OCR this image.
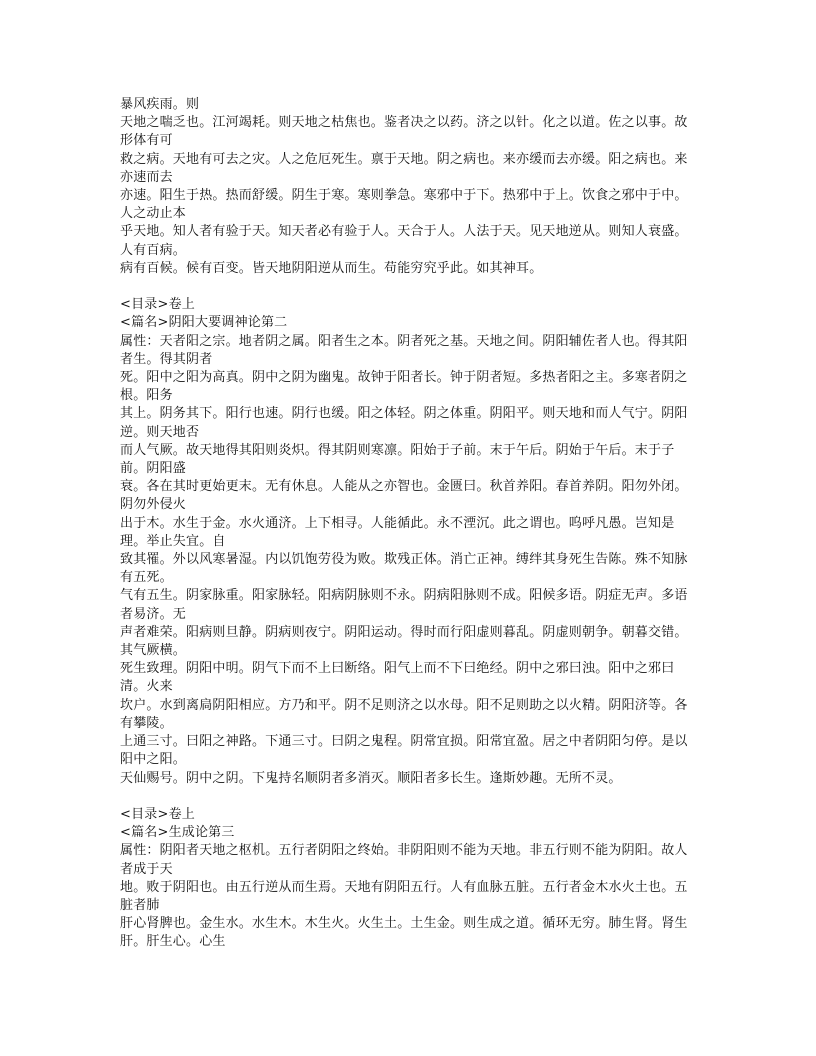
暴风疾雨。则

天地之喘乏也。江河竭耗。则天地之枯焦也。鉴者决之以药。济之以针。化之以道。佐之以事。故形体有可

救之病。天地有可去之灾。人之危厄死生。禀于天地。阴之病也。来亦缓而去亦缓。阳之病也。来亦速而去

亦速。阳生于热。热而舒缓。阴生于寒。寒则拳急。寒邪中于下。热邪中于上。饮食之邪中于中。人之动止本

乎天地。知人者有验于天。知天者必有验于人。天合于人。人法于天。见天地逆从。则知人衰盛。人有百病。

病有百候。候有百变。皆天地阴阳逆从而生。苟能穷究乎此。如其神耳。

<目录>卷上

<篇名>阴阳大要调神论第二

属性：天者阳之宗。地者阴之属。阳者生之本。阴者死之基。天地之间。阴阳辅佐者人也。得其阳者生。得其阴者

死。阳中之阳为高真。阴中之阴为幽鬼。故钟于阳者长。钟于阴者短。多热者阳之主。多寒者阴之根。阳务

其上。阴务其下。阳行也速。阴行也缓。阳之体轻。阴之体重。阴阳平。则天地和而人气宁。阴阳逆。则天地否

而人气厥。故天地得其阳则炎炽。得其阴则寒凛。阳始于子前。末于午后。阴始于午后。末于子前。阴阳盛

衰。各在其时更始更末。无有休息。人能从之亦智也。金匮曰。秋首养阳。春首养阴。阳勿外闭。阴勿外侵火

出于木。水生于金。水火通济。上下相寻。人能循此。永不湮沉。此之谓也。呜呼凡愚。岂知是理。举止失宜。自

致其罹。外以风寒暑湿。内以饥饱劳役为败。欺残正体。消亡正神。缚绊其身死生告陈。殊不知脉有五死。

气有五生。阴家脉重。阳家脉轻。阳病阴脉则不永。阴病阳脉则不成。阳候多语。阴症无声。多语者易济。无

声者难荣。阳病则旦静。阴病则夜宁。阴阳运动。得时而行阳虚则暮乱。阴虚则朝争。朝暮交错。其气厥横。

死生致理。阴阳中明。阴气下而不上曰断络。阳气上而不下曰绝经。阴中之邪曰浊。阳中之邪曰清。火来

坎户。水到离扃阴阳相应。方乃和平。阴不足则济之以水母。阳不足则助之以火精。阴阳济等。各有攀陵。

上通三寸。曰阳之神路。下通三寸。曰阴之鬼程。阴常宜损。阳常宜盈。居之中者阴阳匀停。是以阳中之阳。

天仙赐号。阴中之阴。下鬼持名顺阴者多消灭。顺阳者多长生。逢斯妙趣。无所不灵。

<目录>卷上

<篇名>生成论第三

属性：阴阳者天地之枢机。五行者阴阳之终始。非阴阳则不能为天地。非五行则不能为阴阳。故人者成于天

地。败于阴阳也。由五行逆从而生焉。天地有阴阳五行。人有血脉五脏。五行者金木水火土也。五脏者肺

肝心肾脾也。金生水。水生木。木生火。火生土。土生金。则生成之道。循环无穷。肺生肾。肾生肝。肝生心。心生
